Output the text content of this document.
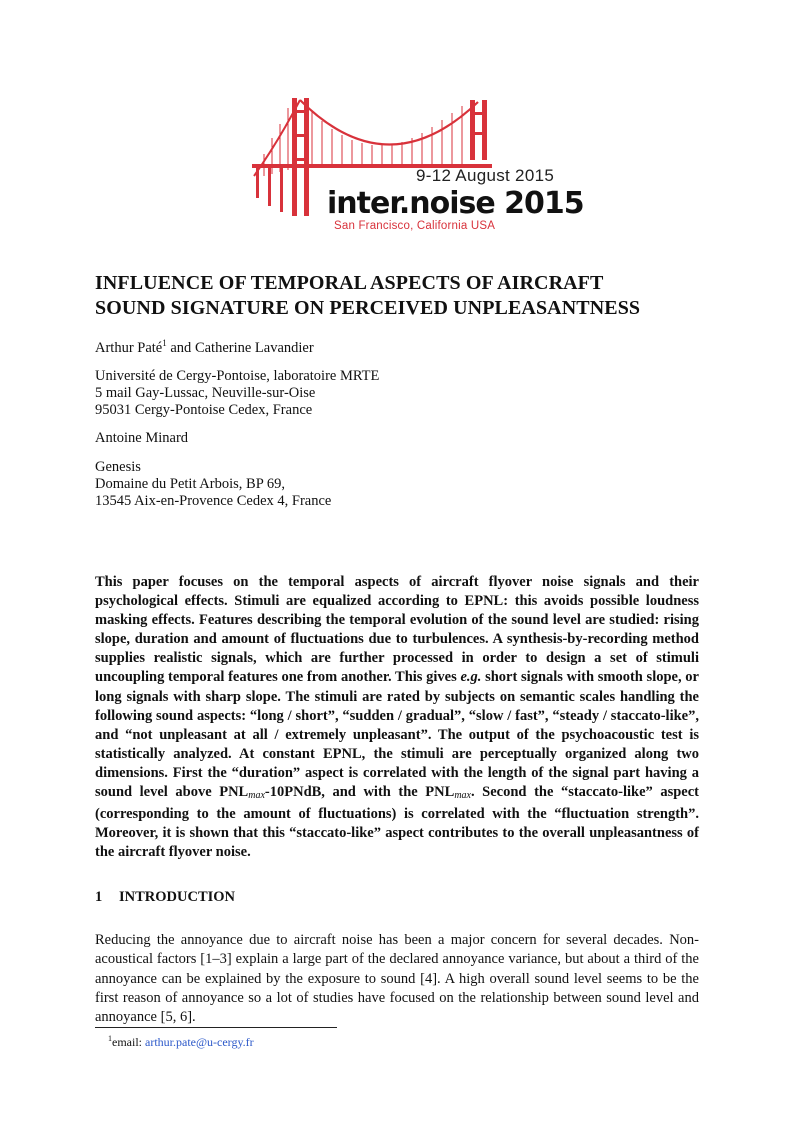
9-12 August 2015
inter.noise 2015
San Francisco, California USA
INFLUENCE OF TEMPORAL ASPECTS OF AIRCRAFT
SOUND SIGNATURE ON PERCEIVED UNPLEASANTNESS
Arthur Paté$^1$ and Catherine Lavandier
Université de Cergy-Pontoise, laboratoire MRTE
5 mail Gay-Lussac, Neuville-sur-Oise
95031 Cergy-Pontoise Cedex, France
Antoine Minard
Genesis
Domaine du Petit Arbois, BP 69,
13545 Aix-en-Provence Cedex 4, France

This paper focuses on the temporal aspects of aircraft flyover noise signals and their psychological effects. Stimuli are equalized according to EPNL: this avoids possible loudness masking effects. Features describing the temporal evolution of the sound level are studied: rising slope, duration and amount of fluctuations due to turbulences. A synthesis-by-recording method supplies realistic signals, which are further processed in order to design a set of stimuli uncoupling temporal features one from another. This gives e.g. short signals with smooth slope, or long signals with sharp slope. The stimuli are rated by subjects on semantic scales handling the following sound aspects: “long / short”, “sudden / gradual”, “slow / fast”, “steady / staccato-like”, and “not unpleasant at all / extremely unpleasant”. The output of the psychoacoustic test is statistically analyzed. At constant EPNL, the stimuli are perceptually organized along two dimensions. First the “duration” aspect is correlated with the length of the signal part having a sound level above $PNL_{max}-10PNdB$, and with the $PNL_{max}$. Second the “staccato-like” aspect (corresponding to the amount of fluctuations) is correlated with the “fluctuation strength”. Moreover, it is shown that this “staccato-like” aspect contributes to the overall unpleasantness of the aircraft flyover noise.

1 INTRODUCTION

Reducing the annoyance due to aircraft noise has been a major concern for several decades. Non-acoustical factors [1–3] explain a large part of the declared annoyance variance, but about a third of the annoyance can be explained by the exposure to sound [4]. A high overall sound level seems to be the first reason of annoyance so a lot of studies have focused on the relationship between sound level and annoyance [5, 6].

$^1$email: arthur.pate@u-cergy.fr
